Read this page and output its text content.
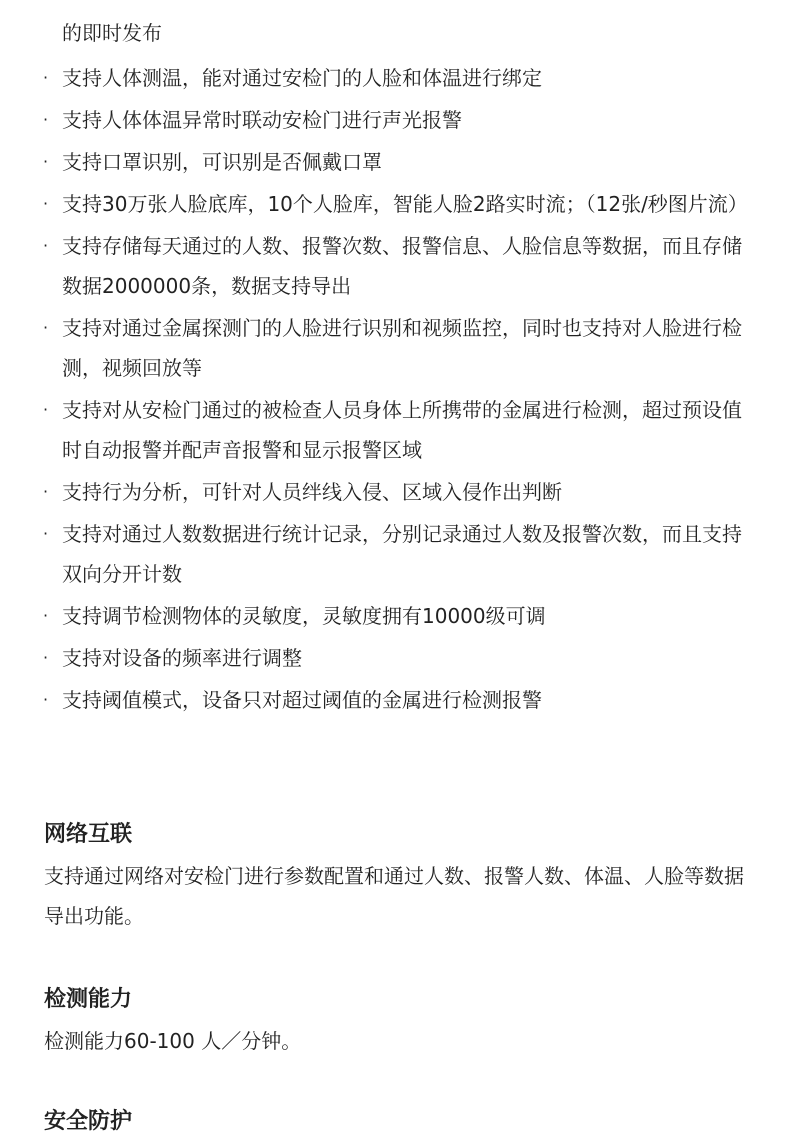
的即时发布

· 支持人体测温，能对通过安检门的人脸和体温进行绑定
· 支持人体体温异常时联动安检门进行声光报警
· 支持口罩识别，可识别是否佩戴口罩
· 支持30万张人脸底库，10个人脸库，智能人脸2路实时流；（12张/秒图片流）
· 支持存储每天通过的人数、报警次数、报警信息、人脸信息等数据，而且存储数据2000000条，数据支持导出
· 支持对通过金属探测门的人脸进行识别和视频监控，同时也支持对人脸进行检测，视频回放等
· 支持对从安检门通过的被检查人员身体上所携带的金属进行检测，超过预设值时自动报警并配声音报警和显示报警区域
· 支持行为分析，可针对人员绊线入侵、区域入侵作出判断
· 支持对通过人数数据进行统计记录，分别记录通过人数及报警次数，而且支持双向分开计数
· 支持调节检测物体的灵敏度，灵敏度拥有10000级可调
· 支持对设备的频率进行调整
· 支持阈值模式，设备只对超过阈值的金属进行检测报警
网络互联

支持通过网络对安检门进行参数配置和通过人数、报警人数、体温、人脸等数据导出功能。

检测能力

检测能力60-100 人／分钟。

安全防护
